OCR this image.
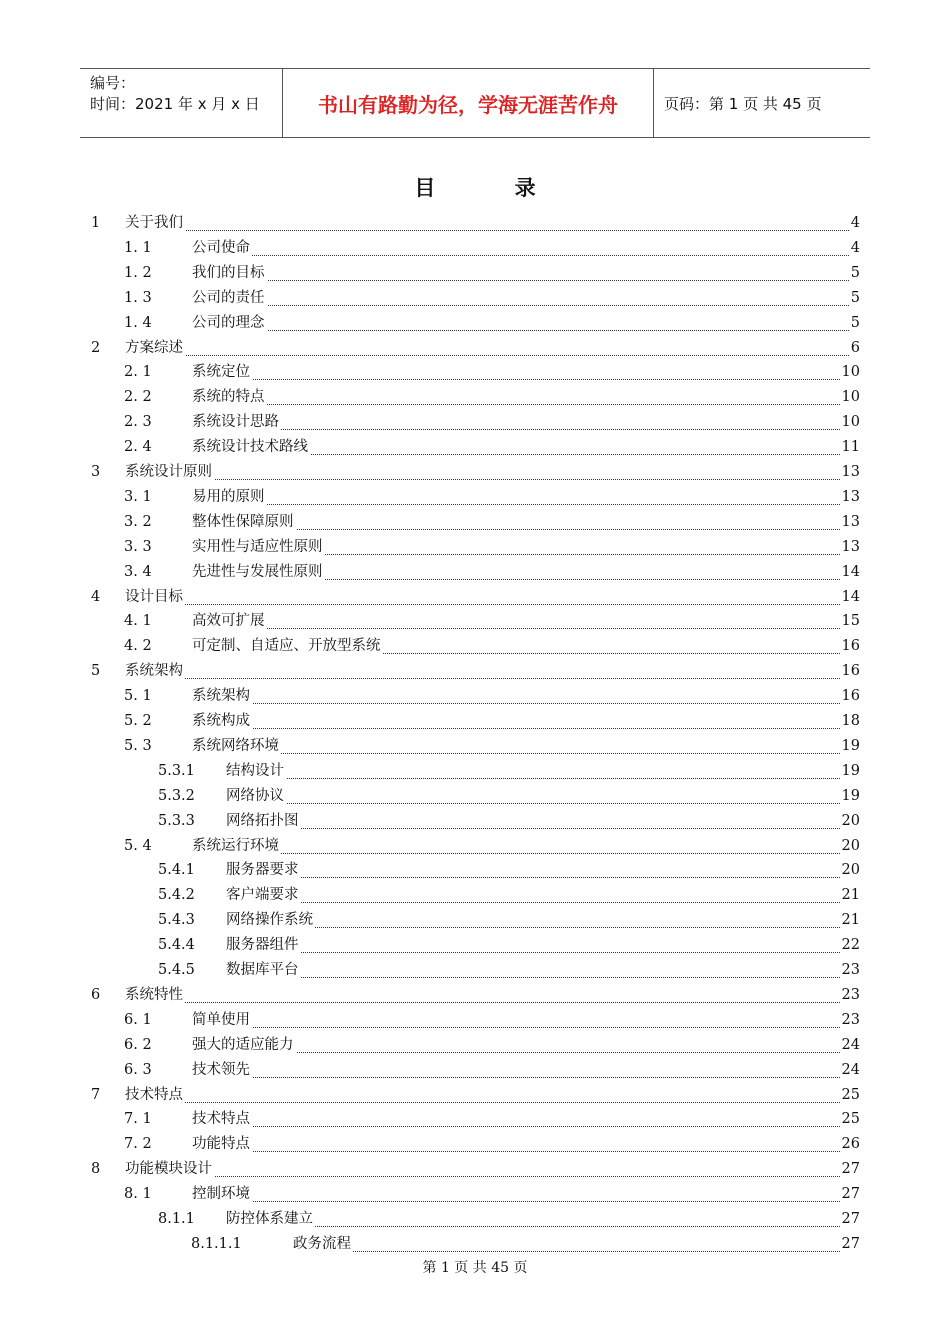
编号：
时间：2021 年 x 月 x 日	书山有路勤为径，学海无涯苦作舟	页码：第 1 页 共 45 页
目 录
1 关于我们	4
1. 1	公司使命	4
1. 2	我们的目标	5
1. 3	公司的责任	5
1. 4	公司的理念	5
2 方案综述	6
2. 1	系统定位	10
2. 2	系统的特点	10
2. 3	系统设计思路	10
2. 4	系统设计技术路线	11
3 系统设计原则	13
3. 1	易用的原则	13
3. 2	整体性保障原则	13
3. 3	实用性与适应性原则	13
3. 4	先进性与发展性原则	14
4 设计目标	14
4. 1	高效可扩展	15
4. 2	可定制、自适应、开放型系统	16
5 系统架构	16
5. 1	系统架构	16
5. 2	系统构成	18
5. 3	系统网络环境	19
5.3.1 结构设计	19
5.3.2 网络协议	19
5.3.3 网络拓扑图	20
5. 4	系统运行环境	20
5.4.1 服务器要求	20
5.4.2 客户端要求	21
5.4.3 网络操作系统	21
5.4.4 服务器组件	22
5.4.5 数据库平台	23
6 系统特性	23
6. 1	简单使用	23
6. 2	强大的适应能力	24
6. 3	技术领先	24
7 技术特点	25
7. 1	技术特点	25
7. 2	功能特点	26
8 功能模块设计	27
8. 1	控制环境	27
8.1.1 防控体系建立	27
8.1.1.1	政务流程	27
第 1 页 共 45 页
